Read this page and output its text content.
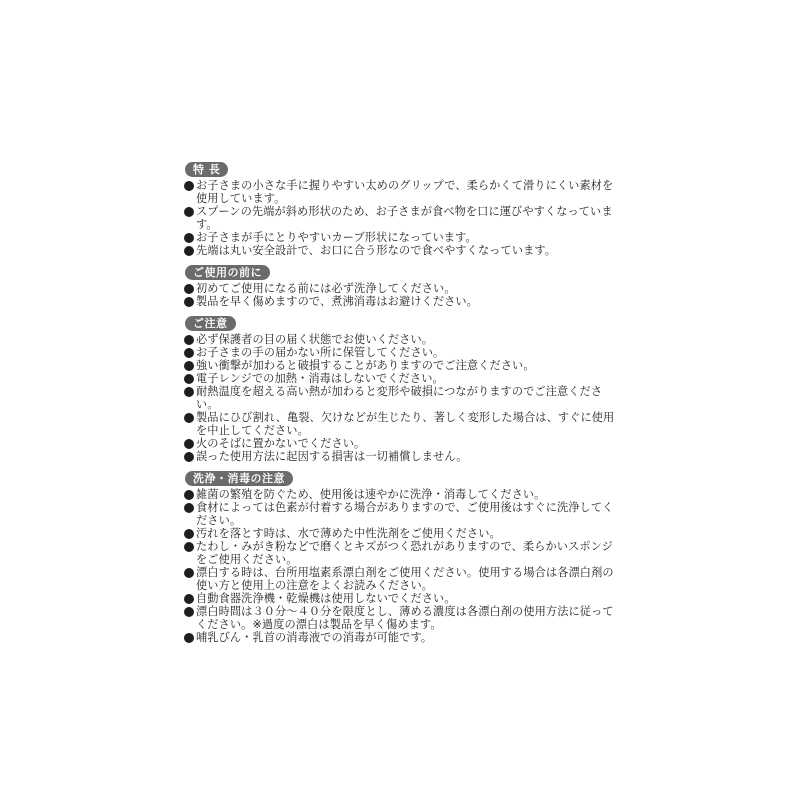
特 長
お子さまの小さな手に握りやすい太めのグリップで、柔らかくて滑りにくい素材を使用しています。
スプーンの先端が斜め形状のため、お子さまが食べ物を口に運びやすくなっています。
お子さまが手にとりやすいカーブ形状になっています。
先端は丸い安全設計で、お口に合う形なので食べやすくなっています。
ご使用の前に
初めてご使用になる前には必ず洗浄してください。
製品を早く傷めますので、煮沸消毒はお避けください。
ご注意
必ず保護者の目の届く状態でお使いください。
お子さまの手の届かない所に保管してください。
強い衝撃が加わると破損することがありますのでご注意ください。
電子レンジでの加熱・消毒はしないでください。
耐熱温度を超える高い熱が加わると変形や破損につながりますのでご注意ください。
製品にひび割れ、亀裂、欠けなどが生じたり、著しく変形した場合は、すぐに使用を中止してください。
火のそばに置かないでください。
誤った使用方法に起因する損害は一切補償しません。
洗浄・消毒の注意
雑菌の繁殖を防ぐため、使用後は速やかに洗浄・消毒してください。
食材によっては色素が付着する場合がありますので、ご使用後はすぐに洗浄してください。
汚れを落とす時は、水で薄めた中性洗剤をご使用ください。
たわし・みがき粉などで磨くとキズがつく恐れがありますので、柔らかいスポンジをご使用ください。
漂白する時は、台所用塩素系漂白剤をご使用ください。使用する場合は各漂白剤の使い方と使用上の注意をよくお読みください。
自動食器洗浄機・乾燥機は使用しないでください。
漂白時間は３０分～４０分を限度とし、薄める濃度は各漂白剤の使用方法に従ってください。※過度の漂白は製品を早く傷めます。
哺乳びん・乳首の消毒液での消毒が可能です。
